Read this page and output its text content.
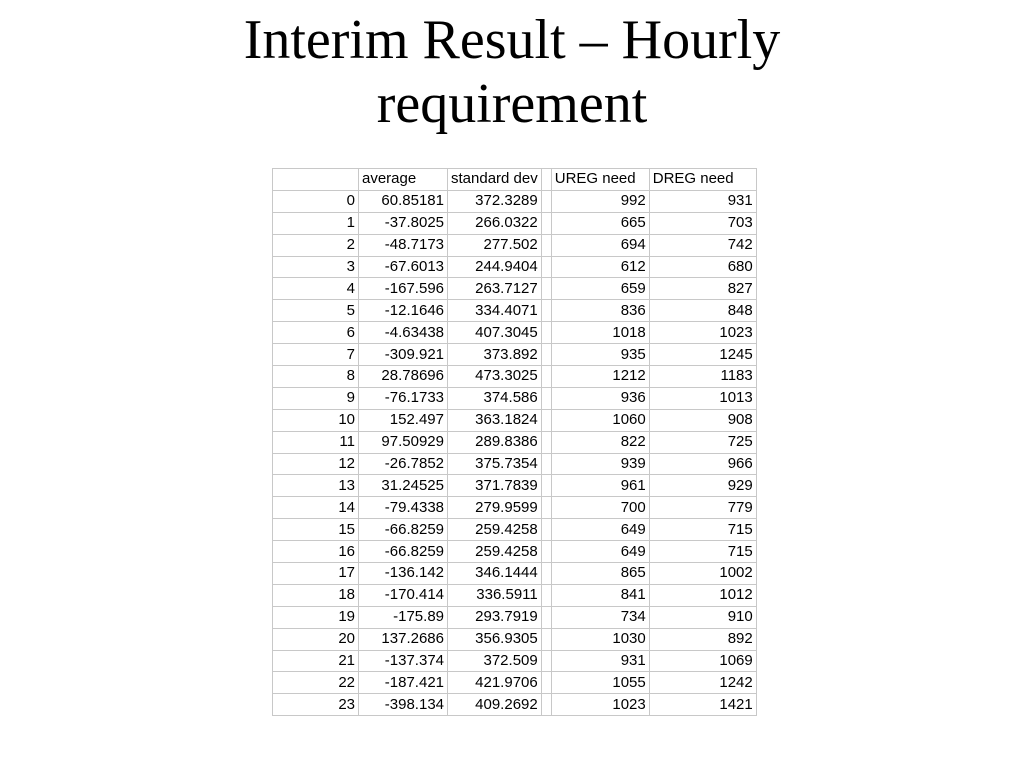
Interim Result – Hourly
requirement
	average	standard dev		UREG need	DREG need
0	60.85181	372.3289		992	931
1	-37.8025	266.0322		665	703
2	-48.7173	277.502		694	742
3	-67.6013	244.9404		612	680
4	-167.596	263.7127		659	827
5	-12.1646	334.4071		836	848
6	-4.63438	407.3045		1018	1023
7	-309.921	373.892		935	1245
8	28.78696	473.3025		1212	1183
9	-76.1733	374.586		936	1013
10	152.497	363.1824		1060	908
11	97.50929	289.8386		822	725
12	-26.7852	375.7354		939	966
13	31.24525	371.7839		961	929
14	-79.4338	279.9599		700	779
15	-66.8259	259.4258		649	715
16	-66.8259	259.4258		649	715
17	-136.142	346.1444		865	1002
18	-170.414	336.5911		841	1012
19	-175.89	293.7919		734	910
20	137.2686	356.9305		1030	892
21	-137.374	372.509		931	1069
22	-187.421	421.9706		1055	1242
23	-398.134	409.2692		1023	1421
